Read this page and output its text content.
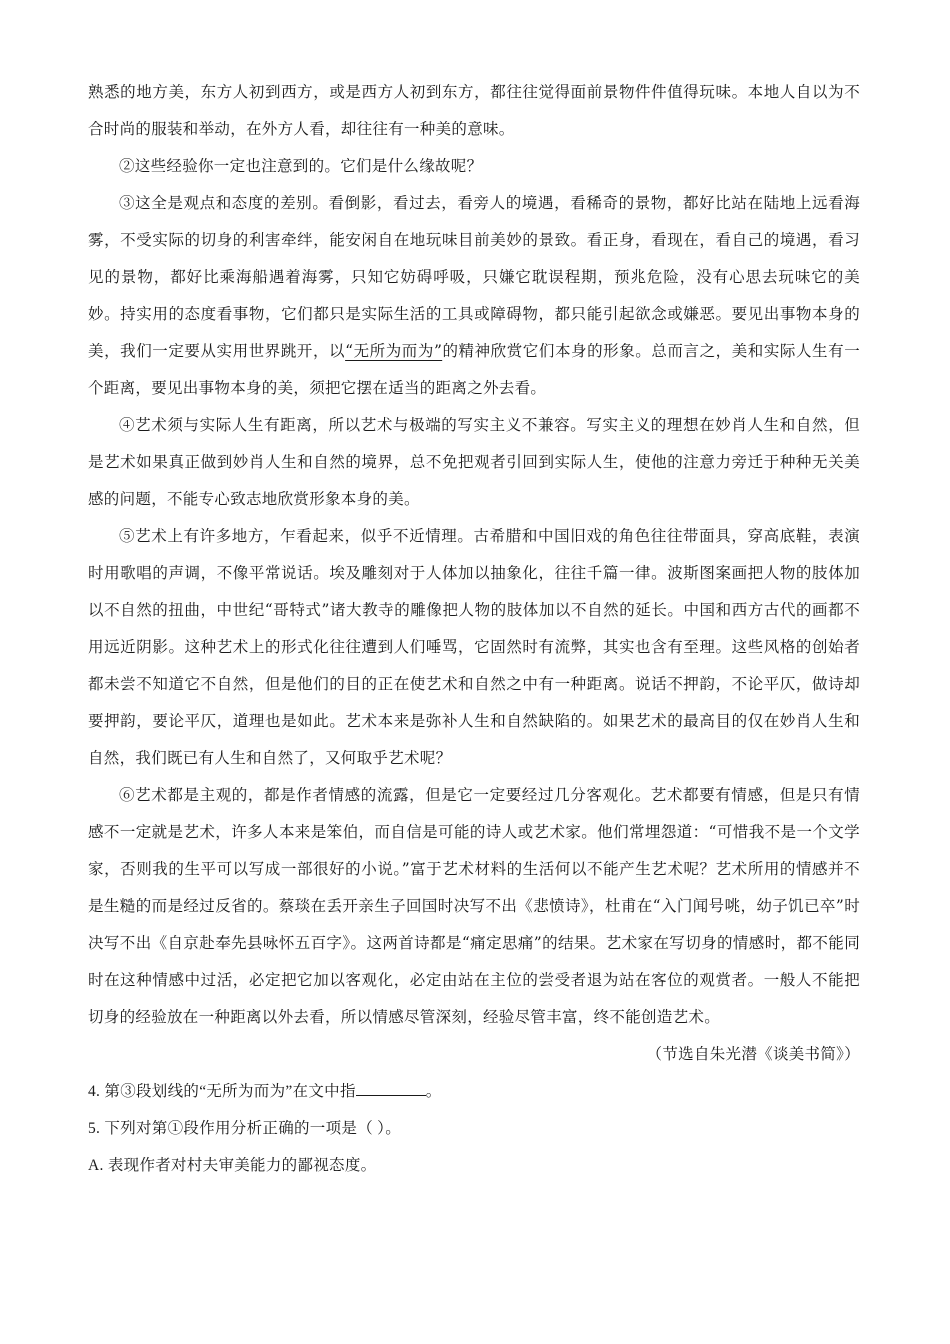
熟悉的地方美，东方人初到西方，或是西方人初到东方，都往往觉得面前景物件件值得玩味。本地人自以为不合时尚的服装和举动，在外方人看，却往往有一种美的意味。

②这些经验你一定也注意到的。它们是什么缘故呢？

③这全是观点和态度的差别。看倒影，看过去，看旁人的境遇，看稀奇的景物，都好比站在陆地上远看海雾，不受实际的切身的利害牵绊，能安闲自在地玩味目前美妙的景致。看正身，看现在，看自己的境遇，看习见的景物，都好比乘海船遇着海雾，只知它妨碍呼吸，只嫌它耽误程期，预兆危险，没有心思去玩味它的美妙。持实用的态度看事物，它们都只是实际生活的工具或障碍物，都只能引起欲念或嫌恶。要见出事物本身的美，我们一定要从实用世界跳开，以“无所为而为”的精神欣赏它们本身的形象。总而言之，美和实际人生有一个距离，要见出事物本身的美，须把它摆在适当的距离之外去看。

④艺术须与实际人生有距离，所以艺术与极端的写实主义不兼容。写实主义的理想在妙肖人生和自然，但是艺术如果真正做到妙肖人生和自然的境界，总不免把观者引回到实际人生，使他的注意力旁迁于种种无关美感的问题，不能专心致志地欣赏形象本身的美。

⑤艺术上有许多地方，乍看起来，似乎不近情理。古希腊和中国旧戏的角色往往带面具，穿高底鞋，表演时用歌唱的声调，不像平常说话。埃及雕刻对于人体加以抽象化，往往千篇一律。波斯图案画把人物的肢体加以不自然的扭曲，中世纪“哥特式”诸大教寺的雕像把人物的肢体加以不自然的延长。中国和西方古代的画都不用远近阴影。这种艺术上的形式化往往遭到人们唾骂，它固然时有流弊，其实也含有至理。这些风格的创始者都未尝不知道它不自然，但是他们的目的正在使艺术和自然之中有一种距离。说话不押韵，不论平仄，做诗却要押韵，要论平仄，道理也是如此。艺术本来是弥补人生和自然缺陷的。如果艺术的最高目的仅在妙肖人生和自然，我们既已有人生和自然了，又何取乎艺术呢？

⑥艺术都是主观的，都是作者情感的流露，但是它一定要经过几分客观化。艺术都要有情感，但是只有情感不一定就是艺术，许多人本来是笨伯，而自信是可能的诗人或艺术家。他们常埋怨道：“可惜我不是一个文学家，否则我的生平可以写成一部很好的小说。”富于艺术材料的生活何以不能产生艺术呢？艺术所用的情感并不是生糙的而是经过反省的。蔡琰在丢开亲生子回国时决写不出《悲愤诗》，杜甫在“入门闻号咷，幼子饥已卒”时决写不出《自京赴奉先县咏怀五百字》。这两首诗都是“痛定思痛”的结果。艺术家在写切身的情感时，都不能同时在这种情感中过活，必定把它加以客观化，必定由站在主位的尝受者退为站在客位的观赏者。一般人不能把切身的经验放在一种距离以外去看，所以情感尽管深刻，经验尽管丰富，终不能创造艺术。

（节选自朱光潜《谈美书简》）

4. 第③段划线的“无所为而为”在文中指	。

5. 下列对第①段作用分析正确的一项是（ ）。

A. 表现作者对村夫审美能力的鄙视态度。
